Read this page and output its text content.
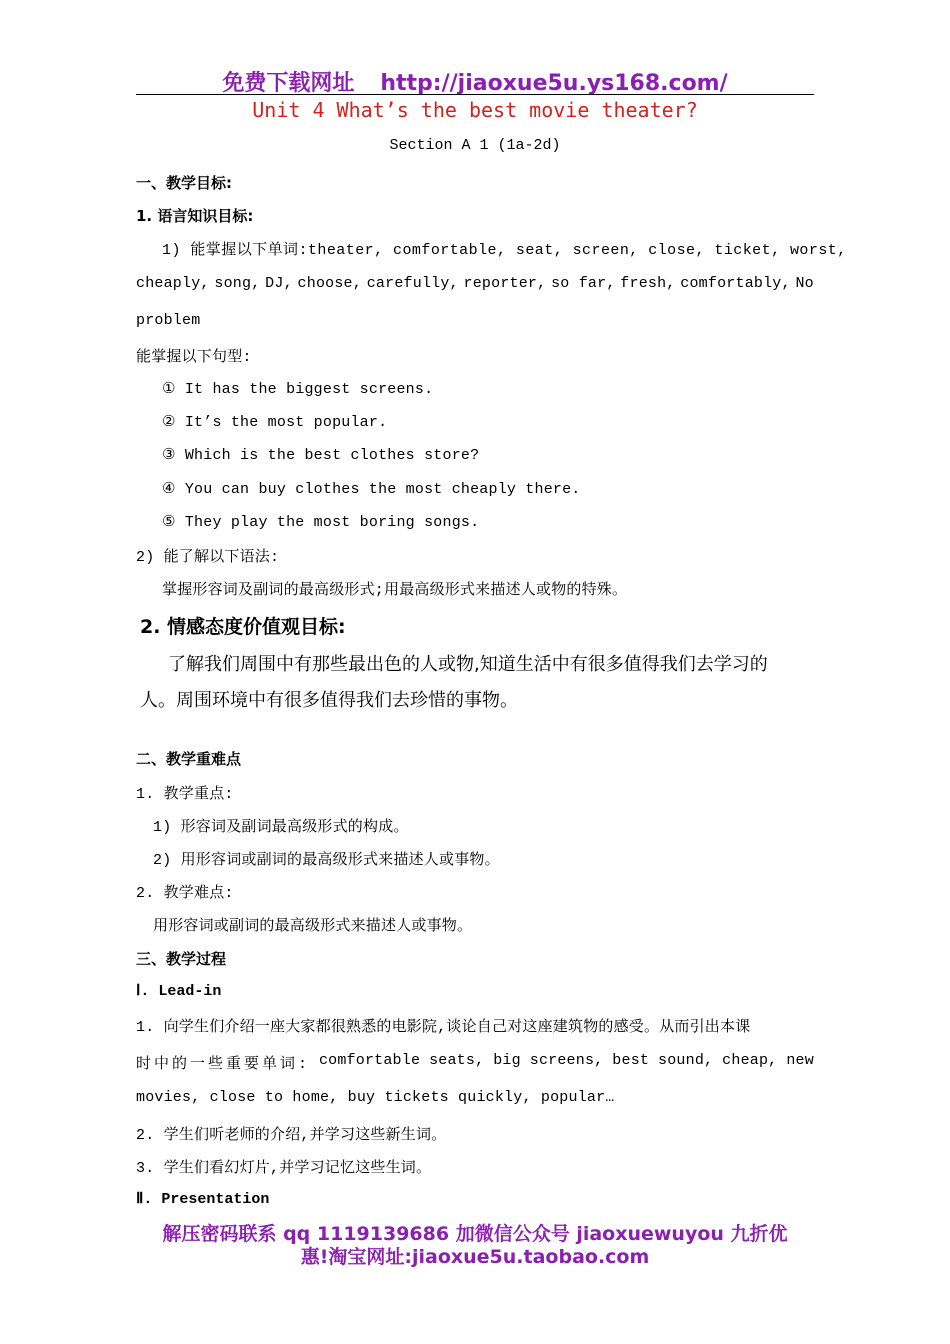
免费下载网址 http://jiaoxue5u.ys168.com/
Unit 4 What’s the best movie theater?
Section A 1 (1a-2d)
一、教学目标:
1. 语言知识目标:
1) 能掌握以下单词:theater, comfortable, seat, screen, close, ticket, worst,
cheaply, song, DJ, choose, carefully, reporter, so far, fresh, comfortably, No
problem
能掌握以下句型:
① It has the biggest screens.
② It’s the most popular.
③ Which is the best clothes store?
④ You can buy clothes the most cheaply there.
⑤ They play the most boring songs.
2) 能了解以下语法:
掌握形容词及副词的最高级形式;用最高级形式来描述人或物的特殊。
2. 情感态度价值观目标:
了解我们周围中有那些最出色的人或物,知道生活中有很多值得我们去学习的
人。周围环境中有很多值得我们去珍惜的事物。
二、教学重难点
1. 教学重点:
1) 形容词及副词最高级形式的构成。
2) 用形容词或副词的最高级形式来描述人或事物。
2. 教学难点:
用形容词或副词的最高级形式来描述人或事物。
三、教学过程
Ⅰ. Lead-in
1. 向学生们介绍一座大家都很熟悉的电影院,谈论自己对这座建筑物的感受。从而引出本课
时中的一些重要单词: comfortable seats, big screens, best sound, cheap, new
movies, close to home, buy tickets quickly, popular…
2. 学生们听老师的介绍,并学习这些新生词。
3. 学生们看幻灯片,并学习记忆这些生词。
Ⅱ. Presentation
解压密码联系 qq 1119139686 加微信公众号 jiaoxuewuyou 九折优
惠!淘宝网址:jiaoxue5u.taobao.com
